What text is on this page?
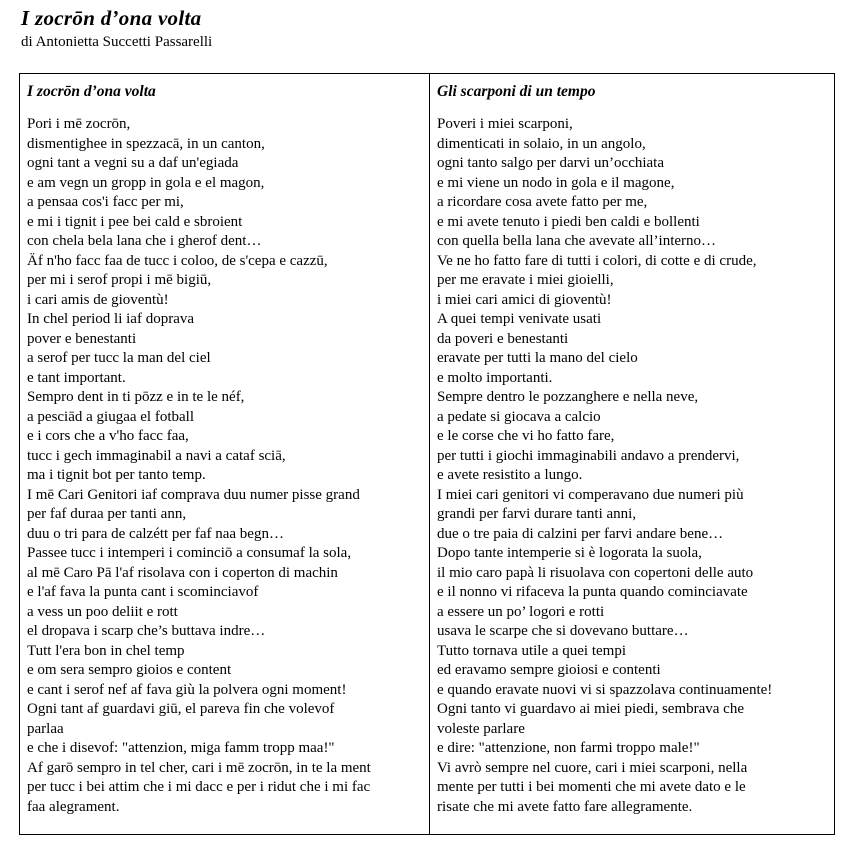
I zocrōn d’ona volta
di Antonietta Succetti Passarelli
I zocrōn d’ona volta
Pori i mē zocrōn,
dismentighee in spezzacā, in un canton,
ogni tant a vegni su a daf un'egiada
e am vegn un gropp in gola e el magon,
a pensaa cos'i facc per mi,
e mi i tignit i pee bei cald e sbroient
con chela bela lana che i gherof dent…
Äf n'ho facc faa de tucc i coloo, de s'cepa e cazzū,
per mi i serof propi i mē bigiū,
i cari amis de gioventù!
In chel period li iaf doprava
pover e benestanti
a serof per tucc la man del ciel
e tant important.
Sempro dent in ti pōzz e in te le néf,
a pesciād a giugaa el fotball
e i cors che a v'ho facc faa,
tucc i gech immaginabil a navi a cataf sciā,
ma i tignit bot per tanto temp.
I mē Cari Genitori iaf comprava duu numer pisse grand
per faf duraa per tanti ann,
duu o tri para de calzétt per faf naa begn…
Passee tucc i intemperi i cominciō a consumaf la sola,
al mē Caro Pā l'af risolava con i coperton di machin
e l'af fava la punta cant i scominciavof
a vess un poo deliit e rott
el dropava i scarp che’s buttava indre…
Tutt l'era bon in chel temp
e om sera sempro gioios e content
e cant i serof nef af fava giù la polvera ogni moment!
Ogni tant af guardavi giū, el pareva fin che volevof
parlaa
e che i disevof: "attenzion, miga famm tropp maa!"
Af garō sempro in tel cher, cari i mē zocrōn, in te la ment
per tucc i bei attim che i mi dacc e per i ridut che i mi fac
faa alegrament.
Gli scarponi di un tempo
Poveri i miei scarponi,
dimenticati in solaio, in un angolo,
ogni tanto salgo per darvi un’occhiata
e mi viene un nodo in gola e il magone,
a ricordare cosa avete fatto per me,
e mi avete tenuto i piedi ben caldi e bollenti
con quella bella lana che avevate all’interno…
Ve ne ho fatto fare di tutti i colori, di cotte e di crude,
per me eravate i miei gioielli,
i miei cari amici di gioventù!
A quei tempi venivate usati
da poveri e benestanti
eravate per tutti la mano del cielo
e molto importanti.
Sempre dentro le pozzanghere e nella neve,
a pedate si giocava a calcio
e le corse che vi ho fatto fare,
per tutti i giochi immaginabili andavo a prendervi,
e avete resistito a lungo.
I miei cari genitori vi comperavano due numeri più
grandi per farvi durare tanti anni,
due o tre paia di calzini per farvi andare bene…
Dopo tante intemperie si è logorata la suola,
il mio caro papà li risuolava con copertoni delle auto
e il nonno vi rifaceva la punta quando cominciavate
a essere un po’ logori e rotti
usava le scarpe che si dovevano buttare…
Tutto tornava utile a quei tempi
ed eravamo sempre gioiosi e contenti
e quando eravate nuovi vi si spazzolava continuamente!
Ogni tanto vi guardavo ai miei piedi, sembrava che
voleste parlare
e dire: "attenzione, non farmi troppo male!"
Vi avrò sempre nel cuore, cari i miei scarponi, nella
mente per tutti i bei momenti che mi avete dato e le
risate che mi avete fatto fare allegramente.
